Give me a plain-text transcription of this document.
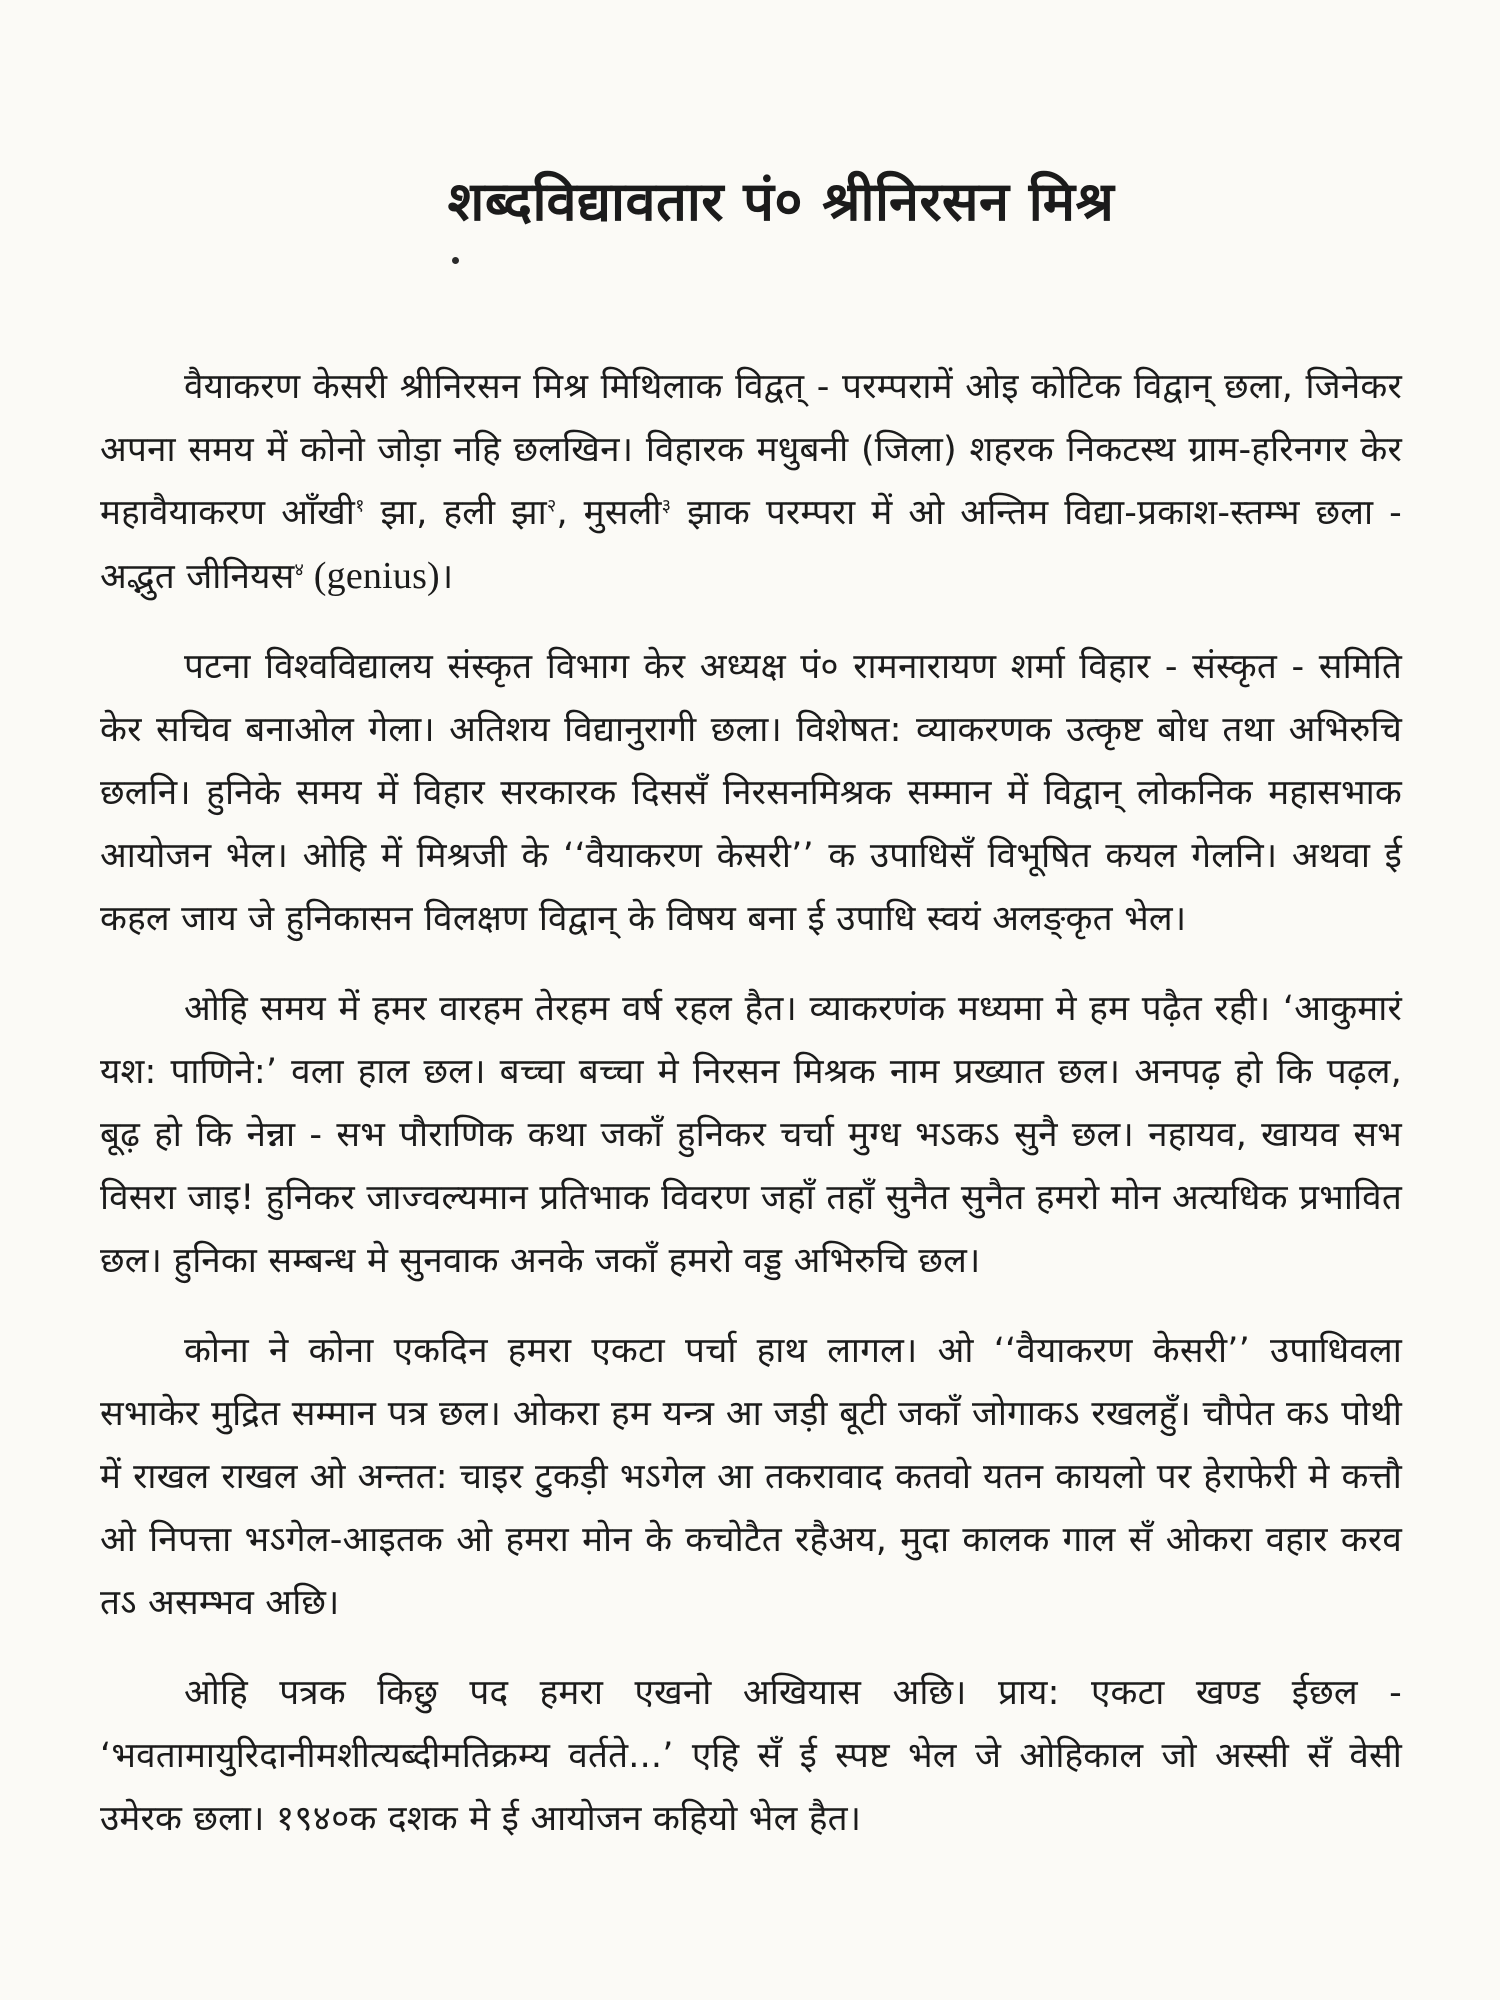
शब्दविद्यावतार पं० श्रीनिरसन मिश्र

वैयाकरण केसरी श्रीनिरसन मिश्र मिथिलाक विद्वत् - परम्परामें ओइ कोटिक विद्वान् छला, जिनेकर अपना समय में कोनो जोड़ा नहि छलखिन। विहारक मधुबनी (जिला) शहरक निकटस्थ ग्राम-हरिनगर केर महावैयाकरण आँखी$^१$ झा, हली झा$^२$, मुसली$^३$ झाक परम्परा में ओ अन्तिम विद्या-प्रकाश-स्तम्भ छला - अद्भुत जीनियस$^४$ (genius)।

पटना विश्वविद्यालय संस्कृत विभाग केर अध्यक्ष पं० रामनारायण शर्मा विहार - संस्कृत - समिति केर सचिव बनाओल गेला। अतिशय विद्यानुरागी छला। विशेषत: व्याकरणक उत्कृष्ट बोध तथा अभिरुचि छलनि। हुनिके समय में विहार सरकारक दिससँ निरसनमिश्रक सम्मान में विद्वान् लोकनिक महासभाक आयोजन भेल। ओहि में मिश्रजी के ‘‘वैयाकरण केसरी’’ क उपाधिसँ विभूषित कयल गेलनि। अथवा ई कहल जाय जे हुनिकासन विलक्षण विद्वान् के विषय बना ई उपाधि स्वयं अलङ्कृत भेल।

ओहि समय में हमर वारहम तेरहम वर्ष रहल हैत। व्याकरणंक मध्यमा मे हम पढ़ैत रही। ‘आकुमारं यश: पाणिने:’ वला हाल छल। बच्चा बच्चा मे निरसन मिश्रक नाम प्रख्यात छल। अनपढ़ हो कि पढ़ल, बूढ़ हो कि नेन्ना - सभ पौराणिक कथा जकाँ हुनिकर चर्चा मुग्ध भऽकऽ सुनै छल। नहायव, खायव सभ विसरा जाइ! हुनिकर जाज्वल्यमान प्रतिभाक विवरण जहाँ तहाँ सुनैत सुनैत हमरो मोन अत्यधिक प्रभावित छल। हुनिका सम्बन्ध मे सुनवाक अनके जकाँ हमरो वड्ड अभिरुचि छल।

कोना ने कोना एकदिन हमरा एकटा पर्चा हाथ लागल। ओ ‘‘वैयाकरण केसरी’’ उपाधिवला सभाकेर मुद्रित सम्मान पत्र छल। ओकरा हम यन्त्र आ जड़ी बूटी जकाँ जोगाकऽ रखलहुँ। चौपेत कऽ पोथी में राखल राखल ओ अन्तत: चाइर टुकड़ी भऽगेल आ तकरावाद कतवो यतन कायलो पर हेराफेरी मे कत्तौ ओ निपत्ता भऽगेल-आइतक ओ हमरा मोन के कचोटैत रहैअय, मुदा कालक गाल सँ ओकरा वहार करव तऽ असम्भव अछि।

ओहि पत्रक किछु पद हमरा एखनो अखियास अछि। प्राय: एकटा खण्ड ईछल - ‘भवतामायुरिदानीमशीत्यब्दीमतिक्रम्य वर्तते...’ एहि सँ ई स्पष्ट भेल जे ओहिकाल जो अस्सी सँ वेसी उमेरक छला। १९४०क दशक मे ई आयोजन कहियो भेल हैत।
